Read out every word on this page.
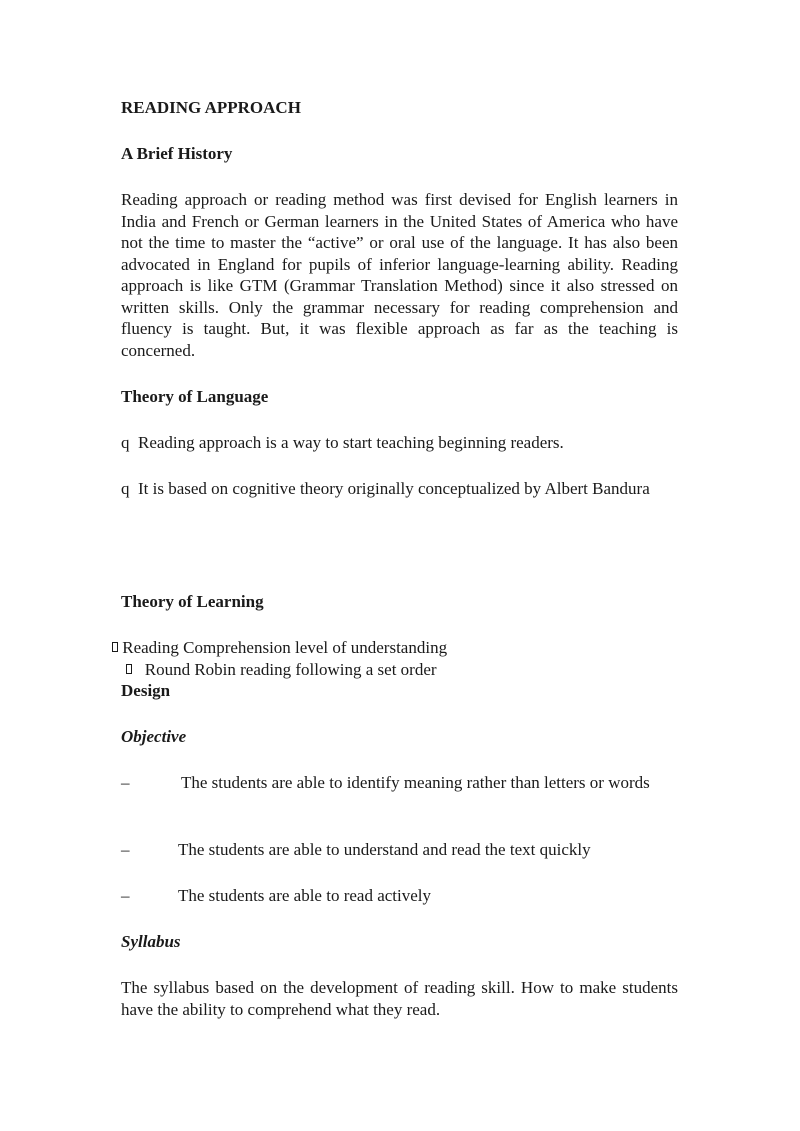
READING APPROACH

A Brief History

Reading approach or reading method was first devised for English learners in India and French or German learners in the United States of America who have not the time to master the “active” or oral use of the language. It has also been advocated in England for pupils of inferior language-learning ability. Reading approach is like GTM (Grammar Translation Method) since it also stressed on written skills. Only the grammar necessary for reading comprehension and fluency is taught. But, it was flexible approach as far as the teaching is concerned.

Theory of Language

q Reading approach is a way to start teaching beginning readers.

q It is based on cognitive theory originally conceptualized by Albert Bandura

Theory of Learning

Reading Comprehension level of understanding

Round Robin reading following a set order

Design

Objective

–	The students are able to identify meaning rather than letters or words

–	The students are able to understand and read the text quickly

–	The students are able to read actively

Syllabus

The syllabus based on the development of reading skill. How to make students have the ability to comprehend what they read.
